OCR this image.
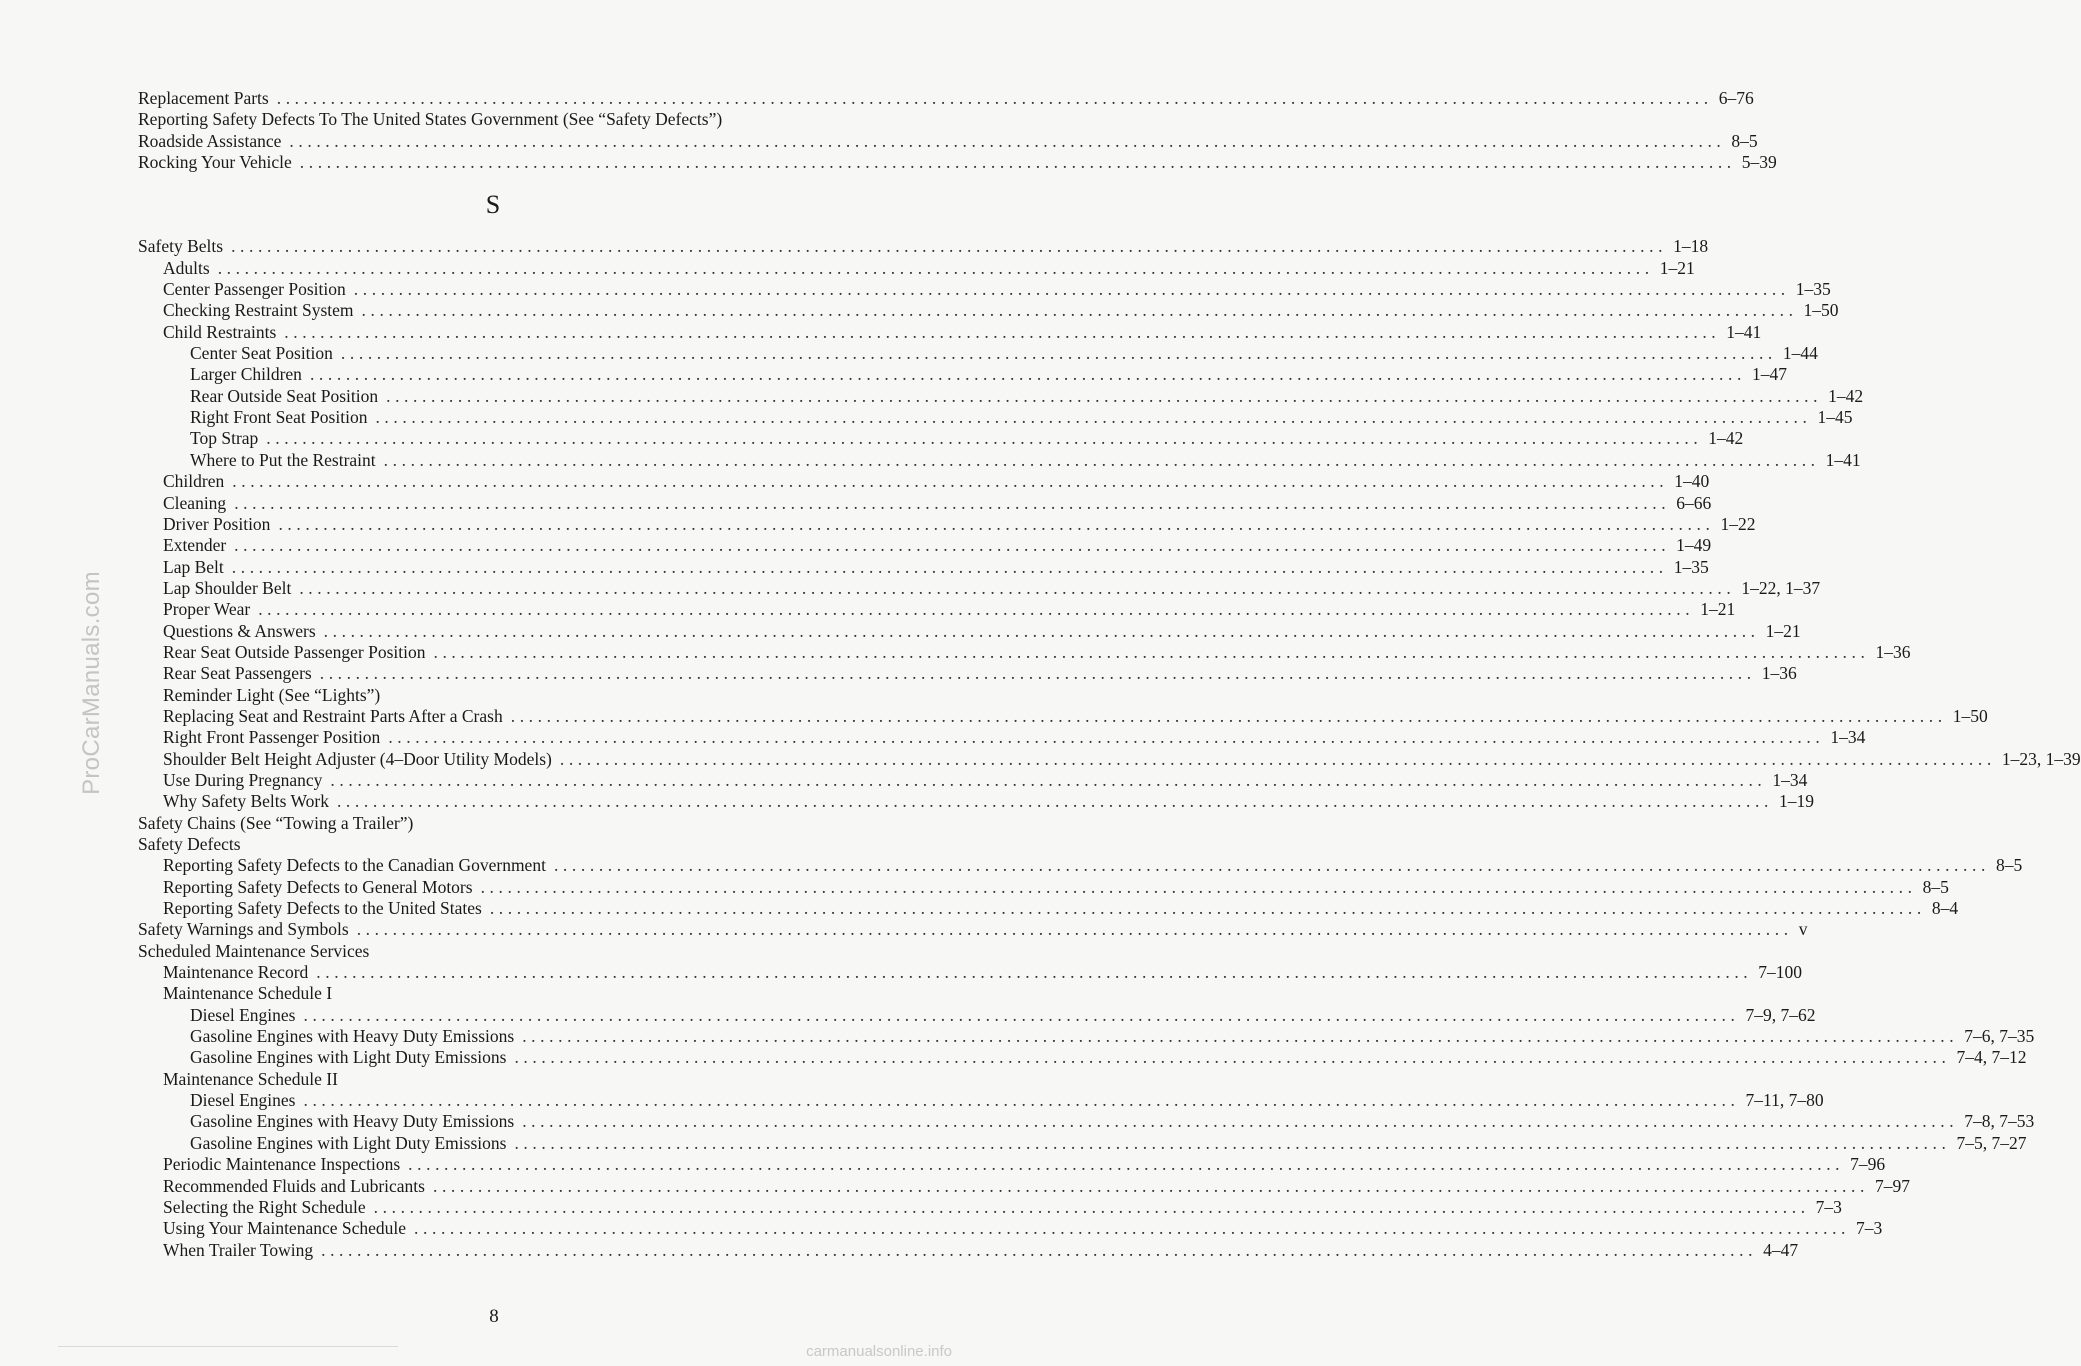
ProCarManuals.com
Replacement Parts ................................................................................................................................................................ 6–76
Reporting Safety Defects To The United States Government (See “Safety Defects”)
Roadside Assistance ................................................................................................................................................................ 8–5
Rocking Your Vehicle ................................................................................................................................................................ 5–39
S
Safety Belts ................................................................................................................................................................ 1–18
Adults ................................................................................................................................................................ 1–21
Center Passenger Position ................................................................................................................................................................ 1–35
Checking Restraint System ................................................................................................................................................................ 1–50
Child Restraints ................................................................................................................................................................ 1–41
Center Seat Position ................................................................................................................................................................ 1–44
Larger Children ................................................................................................................................................................ 1–47
Rear Outside Seat Position ................................................................................................................................................................ 1–42
Right Front Seat Position ................................................................................................................................................................ 1–45
Top Strap ................................................................................................................................................................ 1–42
Where to Put the Restraint ................................................................................................................................................................ 1–41
Children ................................................................................................................................................................ 1–40
Cleaning ................................................................................................................................................................ 6–66
Driver Position ................................................................................................................................................................ 1–22
Extender ................................................................................................................................................................ 1–49
Lap Belt ................................................................................................................................................................ 1–35
Lap Shoulder Belt ................................................................................................................................................................ 1–22, 1–37
Proper Wear ................................................................................................................................................................ 1–21
Questions & Answers ................................................................................................................................................................ 1–21
Rear Seat Outside Passenger Position ................................................................................................................................................................ 1–36
Rear Seat Passengers ................................................................................................................................................................ 1–36
Reminder Light (See “Lights”)
Replacing Seat and Restraint Parts After a Crash ................................................................................................................................................................ 1–50
Right Front Passenger Position ................................................................................................................................................................ 1–34
Shoulder Belt Height Adjuster (4–Door Utility Models) ................................................................................................................................................................ 1–23, 1–39
Use During Pregnancy ................................................................................................................................................................ 1–34
Why Safety Belts Work ................................................................................................................................................................ 1–19
Safety Chains (See “Towing a Trailer”)
Safety Defects
Reporting Safety Defects to the Canadian Government ................................................................................................................................................................ 8–5
Reporting Safety Defects to General Motors ................................................................................................................................................................ 8–5
Reporting Safety Defects to the United States ................................................................................................................................................................ 8–4
Safety Warnings and Symbols ................................................................................................................................................................ v
Scheduled Maintenance Services
Maintenance Record ................................................................................................................................................................ 7–100
Maintenance Schedule I
Diesel Engines ................................................................................................................................................................ 7–9, 7–62
Gasoline Engines with Heavy Duty Emissions ................................................................................................................................................................ 7–6, 7–35
Gasoline Engines with Light Duty Emissions ................................................................................................................................................................ 7–4, 7–12
Maintenance Schedule II
Diesel Engines ................................................................................................................................................................ 7–11, 7–80
Gasoline Engines with Heavy Duty Emissions ................................................................................................................................................................ 7–8, 7–53
Gasoline Engines with Light Duty Emissions ................................................................................................................................................................ 7–5, 7–27
Periodic Maintenance Inspections ................................................................................................................................................................ 7–96
Recommended Fluids and Lubricants ................................................................................................................................................................ 7–97
Selecting the Right Schedule ................................................................................................................................................................ 7–3
Using Your Maintenance Schedule ................................................................................................................................................................ 7–3
When Trailer Towing ................................................................................................................................................................ 4–47
8
carmanualsonline.info
